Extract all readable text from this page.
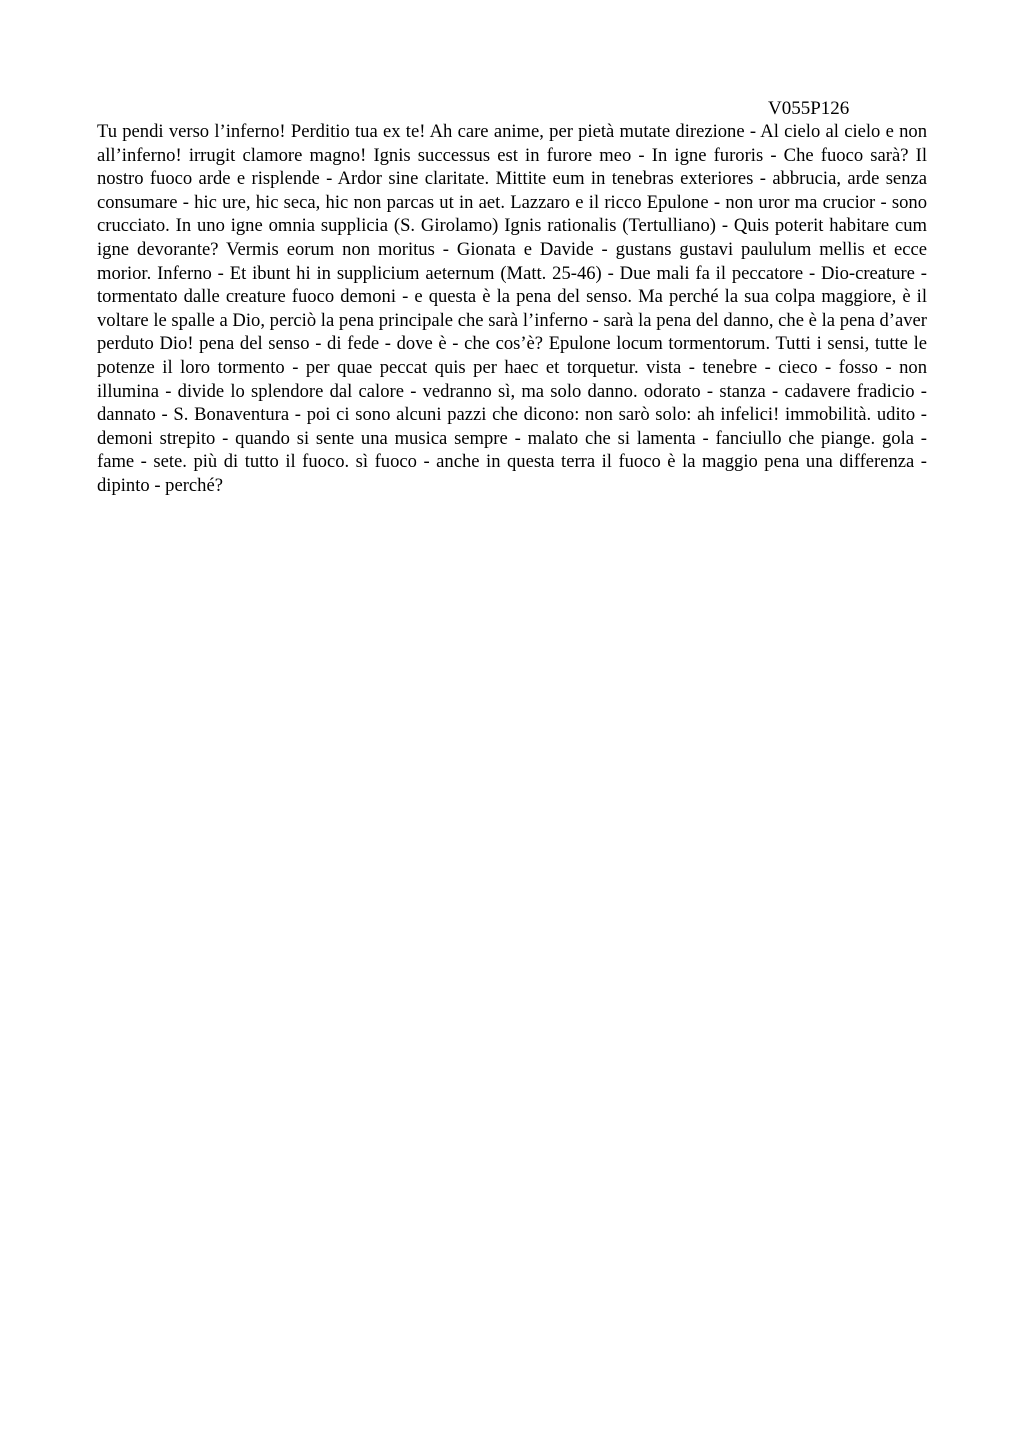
V055P126

Tu pendi verso l’inferno! Perditio tua ex te! Ah care anime, per pietà mutate direzione - Al cielo al cielo e non all’inferno! irrugit clamore magno! Ignis successus est in furore meo - In igne furoris - Che fuoco sarà? Il nostro fuoco arde e risplende - Ardor sine claritate. Mittite eum in tenebras exteriores - abbrucia, arde senza consumare - hic ure, hic seca, hic non parcas ut in aet. Lazzaro e il ricco Epulone - non uror ma crucior - sono crucciato. In uno igne omnia supplicia (S. Girolamo) Ignis rationalis (Tertulliano) - Quis poterit habitare cum igne devorante? Vermis eorum non moritus - Gionata e Davide - gustans gustavi paululum mellis et ecce morior. Inferno - Et ibunt hi in supplicium aeternum (Matt. 25-46) - Due mali fa il peccatore - Dio-creature - tormentato dalle creature fuoco demoni - e questa è la pena del senso. Ma perché la sua colpa maggiore, è il voltare le spalle a Dio, perciò la pena principale che sarà l’inferno - sarà la pena del danno, che è la pena d’aver perduto Dio! pena del senso - di fede - dove è - che cos’è? Epulone locum tormentorum. Tutti i sensi, tutte le potenze il loro tormento - per quae peccat quis per haec et torquetur. vista - tenebre - cieco - fosso - non illumina - divide lo splendore dal calore - vedranno sì, ma solo danno. odorato - stanza - cadavere fradicio - dannato - S. Bonaventura - poi ci sono alcuni pazzi che dicono: non sarò solo: ah infelici! immobilità. udito - demoni strepito - quando si sente una musica sempre - malato che si lamenta - fanciullo che piange. gola - fame - sete. più di tutto il fuoco. sì fuoco - anche in questa terra il fuoco è la maggio pena una differenza - dipinto - perché?
